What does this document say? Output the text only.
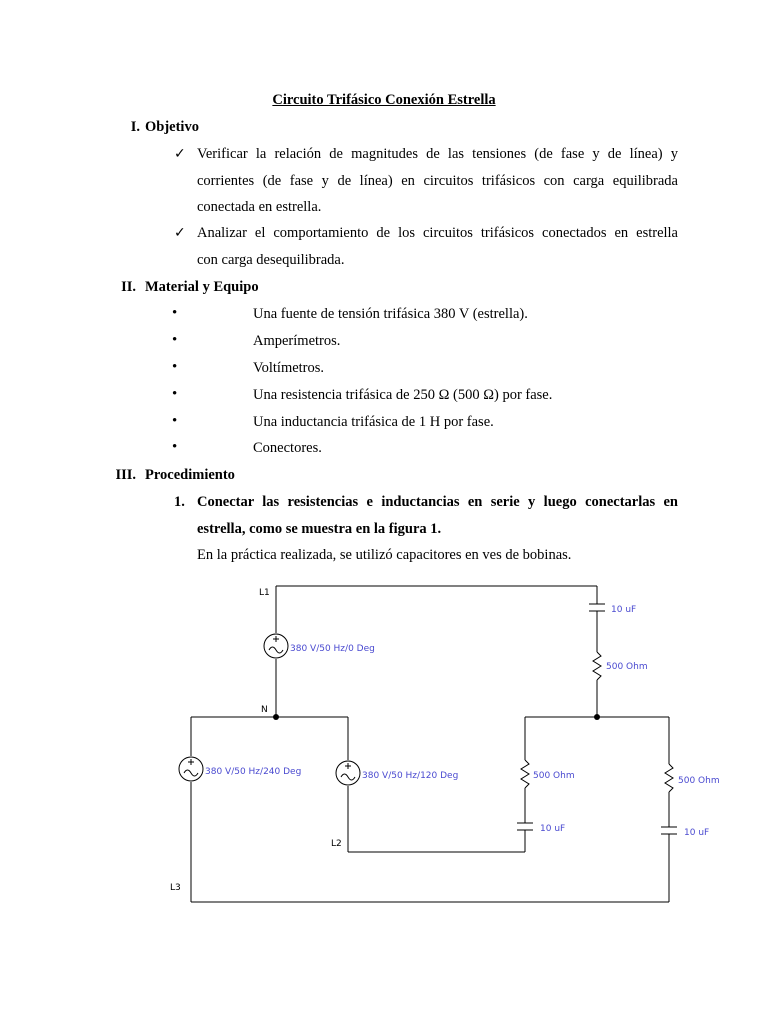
Circuito Trifásico Conexión Estrella
I. Objetivo
✓ Verificar la relación de magnitudes de las tensiones (de fase y de línea) y
corrientes (de fase y de línea) en circuitos trifásicos con carga equilibrada
conectada en estrella.
✓ Analizar el comportamiento de los circuitos trifásicos conectados en estrella
con carga desequilibrada.
II. Material y Equipo
•	Una fuente de tensión trifásica 380 V (estrella).
•	Amperímetros.
•	Voltímetros.
•	Una resistencia trifásica de 250 Ω (500 Ω) por fase.
•	Una inductancia trifásica de 1 H por fase.
•	Conectores.
III. Procedimiento
1. Conectar las resistencias e inductancias en serie y luego conectarlas en
estrella, como se muestra en la figura 1.
En la práctica realizada, se utilizó capacitores en ves de bobinas.
L1
N
L2
L3
380 V/50 Hz/0 Deg
380 V/50 Hz/240 Deg	380 V/50 Hz/120 Deg
10 uF
500 Ohm
500 Ohm
10 uF
500 Ohm
10 uF
